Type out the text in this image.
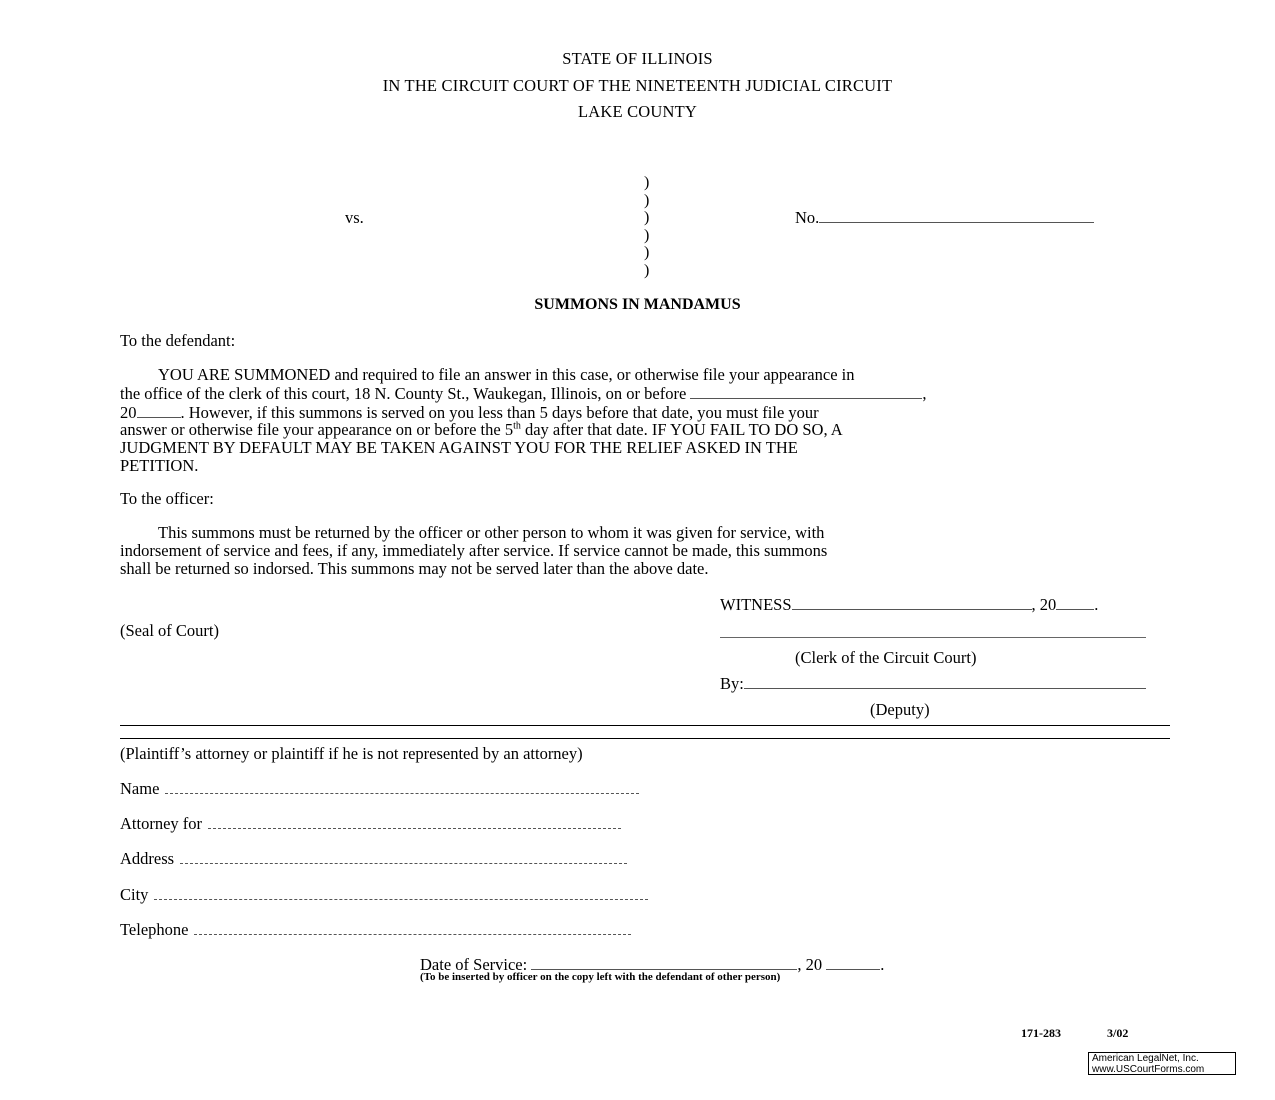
STATE OF ILLINOIS
IN THE CIRCUIT COURT OF THE NINETEENTH JUDICIAL CIRCUIT
LAKE COUNTY
)
)
)
)
)
)
vs.	No.
SUMMONS IN MANDAMUS
To the defendant:
YOU ARE SUMMONED and required to file an answer in this case, or otherwise file your appearance in
the office of the clerk of this court, 18 N. County St., Waukegan, Illinois, on or before	,
20	. However, if this summons is served on you less than 5 days before that date, you must file your
answer or otherwise file your appearance on or before the 5th day after that date. IF YOU FAIL TO DO SO, A
JUDGMENT BY DEFAULT MAY BE TAKEN AGAINST YOU FOR THE RELIEF ASKED IN THE
PETITION.
To the officer:
This summons must be returned by the officer or other person to whom it was given for service, with
indorsement of service and fees, if any, immediately after service. If service cannot be made, this summons
shall be returned so indorsed. This summons may not be served later than the above date.
WITNESS	, 20 .
(Seal of Court)
(Clerk of the Circuit Court)
By:
(Deputy)
(Plaintiff’s attorney or plaintiff if he is not represented by an attorney)
Name
Attorney for
Address
City
Telephone
Date of Service:	, 20	.
(To be inserted by officer on the copy left with the defendant of other person)
171-283	3/02
American LegalNet, Inc.
www.USCourtForms.com
